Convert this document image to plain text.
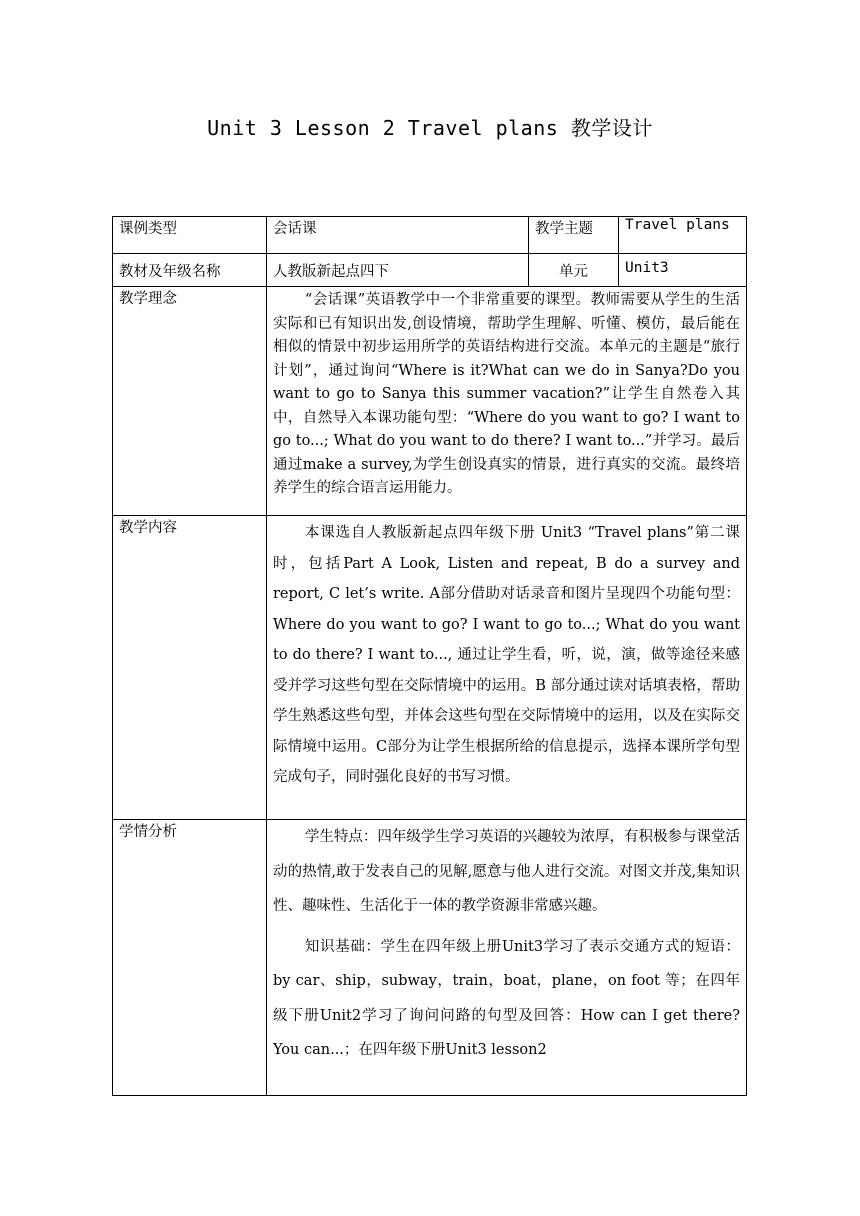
Unit 3 Lesson 2 Travel plans 教学设计
课例类型	会话课	教学主题	Travel plans
教材及年级名称	人教版新起点四下	单元	Unit3
教学理念	“会话课”英语教学中一个非常重要的课型。教师需要从学生的生活实际和已有知识出发,创设情境，帮助学生理解、听懂、模仿，最后能在相似的情景中初步运用所学的英语结构进行交流。本单元的主题是“旅行计划”，通过询问“Where is it?What can we do in Sanya?Do you want to go to Sanya this summer vacation?”让学生自然卷入其中，自然导入本课功能句型：“Where do you want to go? I want to go to...; What do you want to do there? I want to...”并学习。最后通过make a survey,为学生创设真实的情景，进行真实的交流。最终培养学生的综合语言运用能力。		

教学内容	本课选自人教版新起点四年级下册 Unit3 “Travel plans”第二课时，包括Part A Look, Listen and repeat, B do a survey and report, C let’s write. A部分借助对话录音和图片呈现四个功能句型：Where do you want to go? I want to go to...; What do you want to do there? I want to..., 通过让学生看，听，说，演，做等途径来感受并学习这些句型在交际情境中的运用。B 部分通过读对话填表格，帮助学生熟悉这些句型，并体会这些句型在交际情境中的运用，以及在实际交际情境中运用。C部分为让学生根据所给的信息提示，选择本课所学句型完成句子，同时强化良好的书写习惯。		

学情分析	学生特点：四年级学生学习英语的兴趣较为浓厚，有积极参与课堂活动的热情,敢于发表自己的见解,愿意与他人进行交流。对图文并茂,集知识性、趣味性、生活化于一体的教学资源非常感兴趣。

知识基础：学生在四年级上册Unit3学习了表示交通方式的短语：by car、ship，subway，train，boat，plane，on foot 等；在四年级下册Unit2学习了询问问路的句型及回答：How can I get there? You can...；在四年级下册Unit3 lesson2		
